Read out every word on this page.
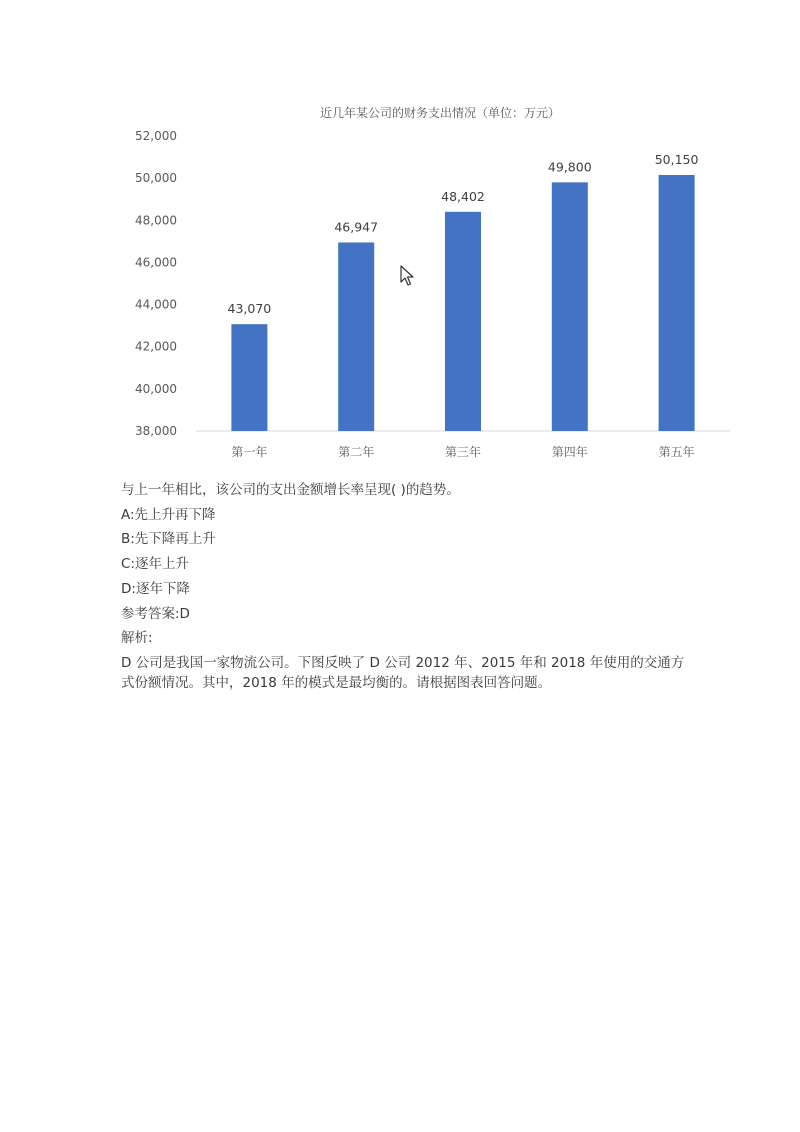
近几年某公司的财务支出情况（单位：万元）
38,000
40,000
42,000
44,000
46,000
48,000
50,000
52,000
43,070
46,947
48,402
49,800	50,150
第一年	第二年	第三年	第四年	第五年

与上一年相比，该公司的支出金额增长率呈现( )的趋势。

A:先上升再下降

B:先下降再上升

C:逐年上升

D:逐年下降

参考答案:D

解析:

D 公司是我国一家物流公司。下图反映了 D 公司 2012 年、2015 年和 2018 年使用的交通方式份额情况。其中，2018 年的模式是最均衡的。请根据图表回答问题。
